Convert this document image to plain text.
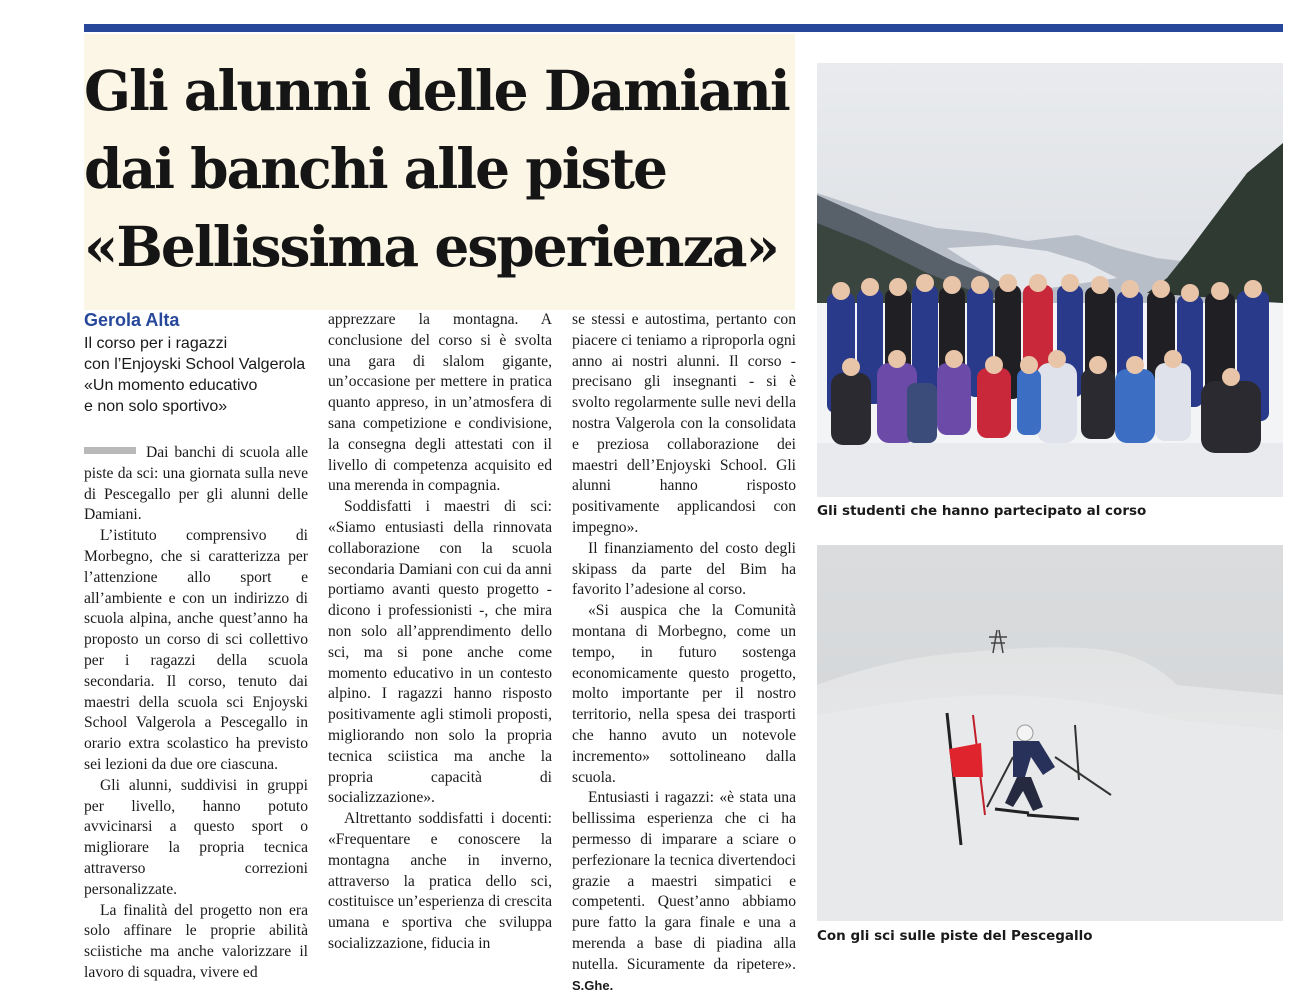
Gli alunni delle Damiani
dai banchi alle piste
«Bellissima esperienza»
Gerola Alta
Il corso per i ragazzi
con l’Enjoyski School Valgerola
«Un momento educativo
e non solo sportivo»

Dai banchi di scuola alle piste da sci: una giornata sulla neve di Pescegallo per gli alunni delle Damiani.

L’istituto comprensivo di Morbegno, che si caratterizza per l’attenzione allo sport e all’ambiente e con un indirizzo di scuola alpina, anche quest’anno ha proposto un corso di sci collettivo per i ragazzi della scuola secondaria. Il corso, tenuto dai maestri della scuola sci Enjoyski School Valgerola a Pescegallo in orario extra scolastico ha previsto sei lezioni da due ore ciascuna.

Gli alunni, suddivisi in gruppi per livello, hanno potuto avvicinarsi a questo sport o migliorare la propria tecnica attraverso correzioni personalizzate.

La finalità del progetto non era solo affinare le proprie abilità sciistiche ma anche valorizzare il lavoro di squadra, vivere ed

apprezzare la montagna. A conclusione del corso si è svolta una gara di slalom gigante, un’occasione per mettere in pratica quanto appreso, in un’atmosfera di sana competizione e condivisione, la consegna degli attestati con il livello di competenza acquisito ed una merenda in compagnia.

Soddisfatti i maestri di sci: «Siamo entusiasti della rinnovata collaborazione con la scuola secondaria Damiani con cui da anni portiamo avanti questo progetto - dicono i professionisti -, che mira non solo all’apprendimento dello sci, ma si pone anche come momento educativo in un contesto alpino. I ragazzi hanno risposto positivamente agli stimoli proposti, migliorando non solo la propria tecnica sciistica ma anche la propria capacità di socializzazione».

Altrettanto soddisfatti i docenti: «Frequentare e conoscere la montagna anche in inverno, attraverso la pratica dello sci, costituisce un’esperienza di crescita umana e sportiva che sviluppa socializzazione, fiducia in

se stessi e autostima, pertanto con piacere ci teniamo a riproporla ogni anno ai nostri alunni. Il corso - precisano gli insegnanti - si è svolto regolarmente sulle nevi della nostra Valgerola con la consolidata e preziosa collaborazione dei maestri dell’Enjoyski School. Gli alunni hanno risposto positivamente applicandosi con impegno».

Il finanziamento del costo degli skipass da parte del Bim ha favorito l’adesione al corso.

«Si auspica che la Comunità montana di Morbegno, come un tempo, in futuro sostenga economicamente questo progetto, molto importante per il nostro territorio, nella spesa dei trasporti che hanno avuto un notevole incremento» sottolineano dalla scuola.

Entusiasti i ragazzi: «è stata una bellissima esperienza che ci ha permesso di imparare a sciare o perfezionare la tecnica divertendoci grazie a maestri simpatici e competenti. Quest’anno abbiamo pure fatto la gara finale e una a merenda a base di piadina alla nutella. Sicuramente da ripetere». S.Ghe.

Gli studenti che hanno partecipato al corso
Con gli sci sulle piste del Pescegallo
